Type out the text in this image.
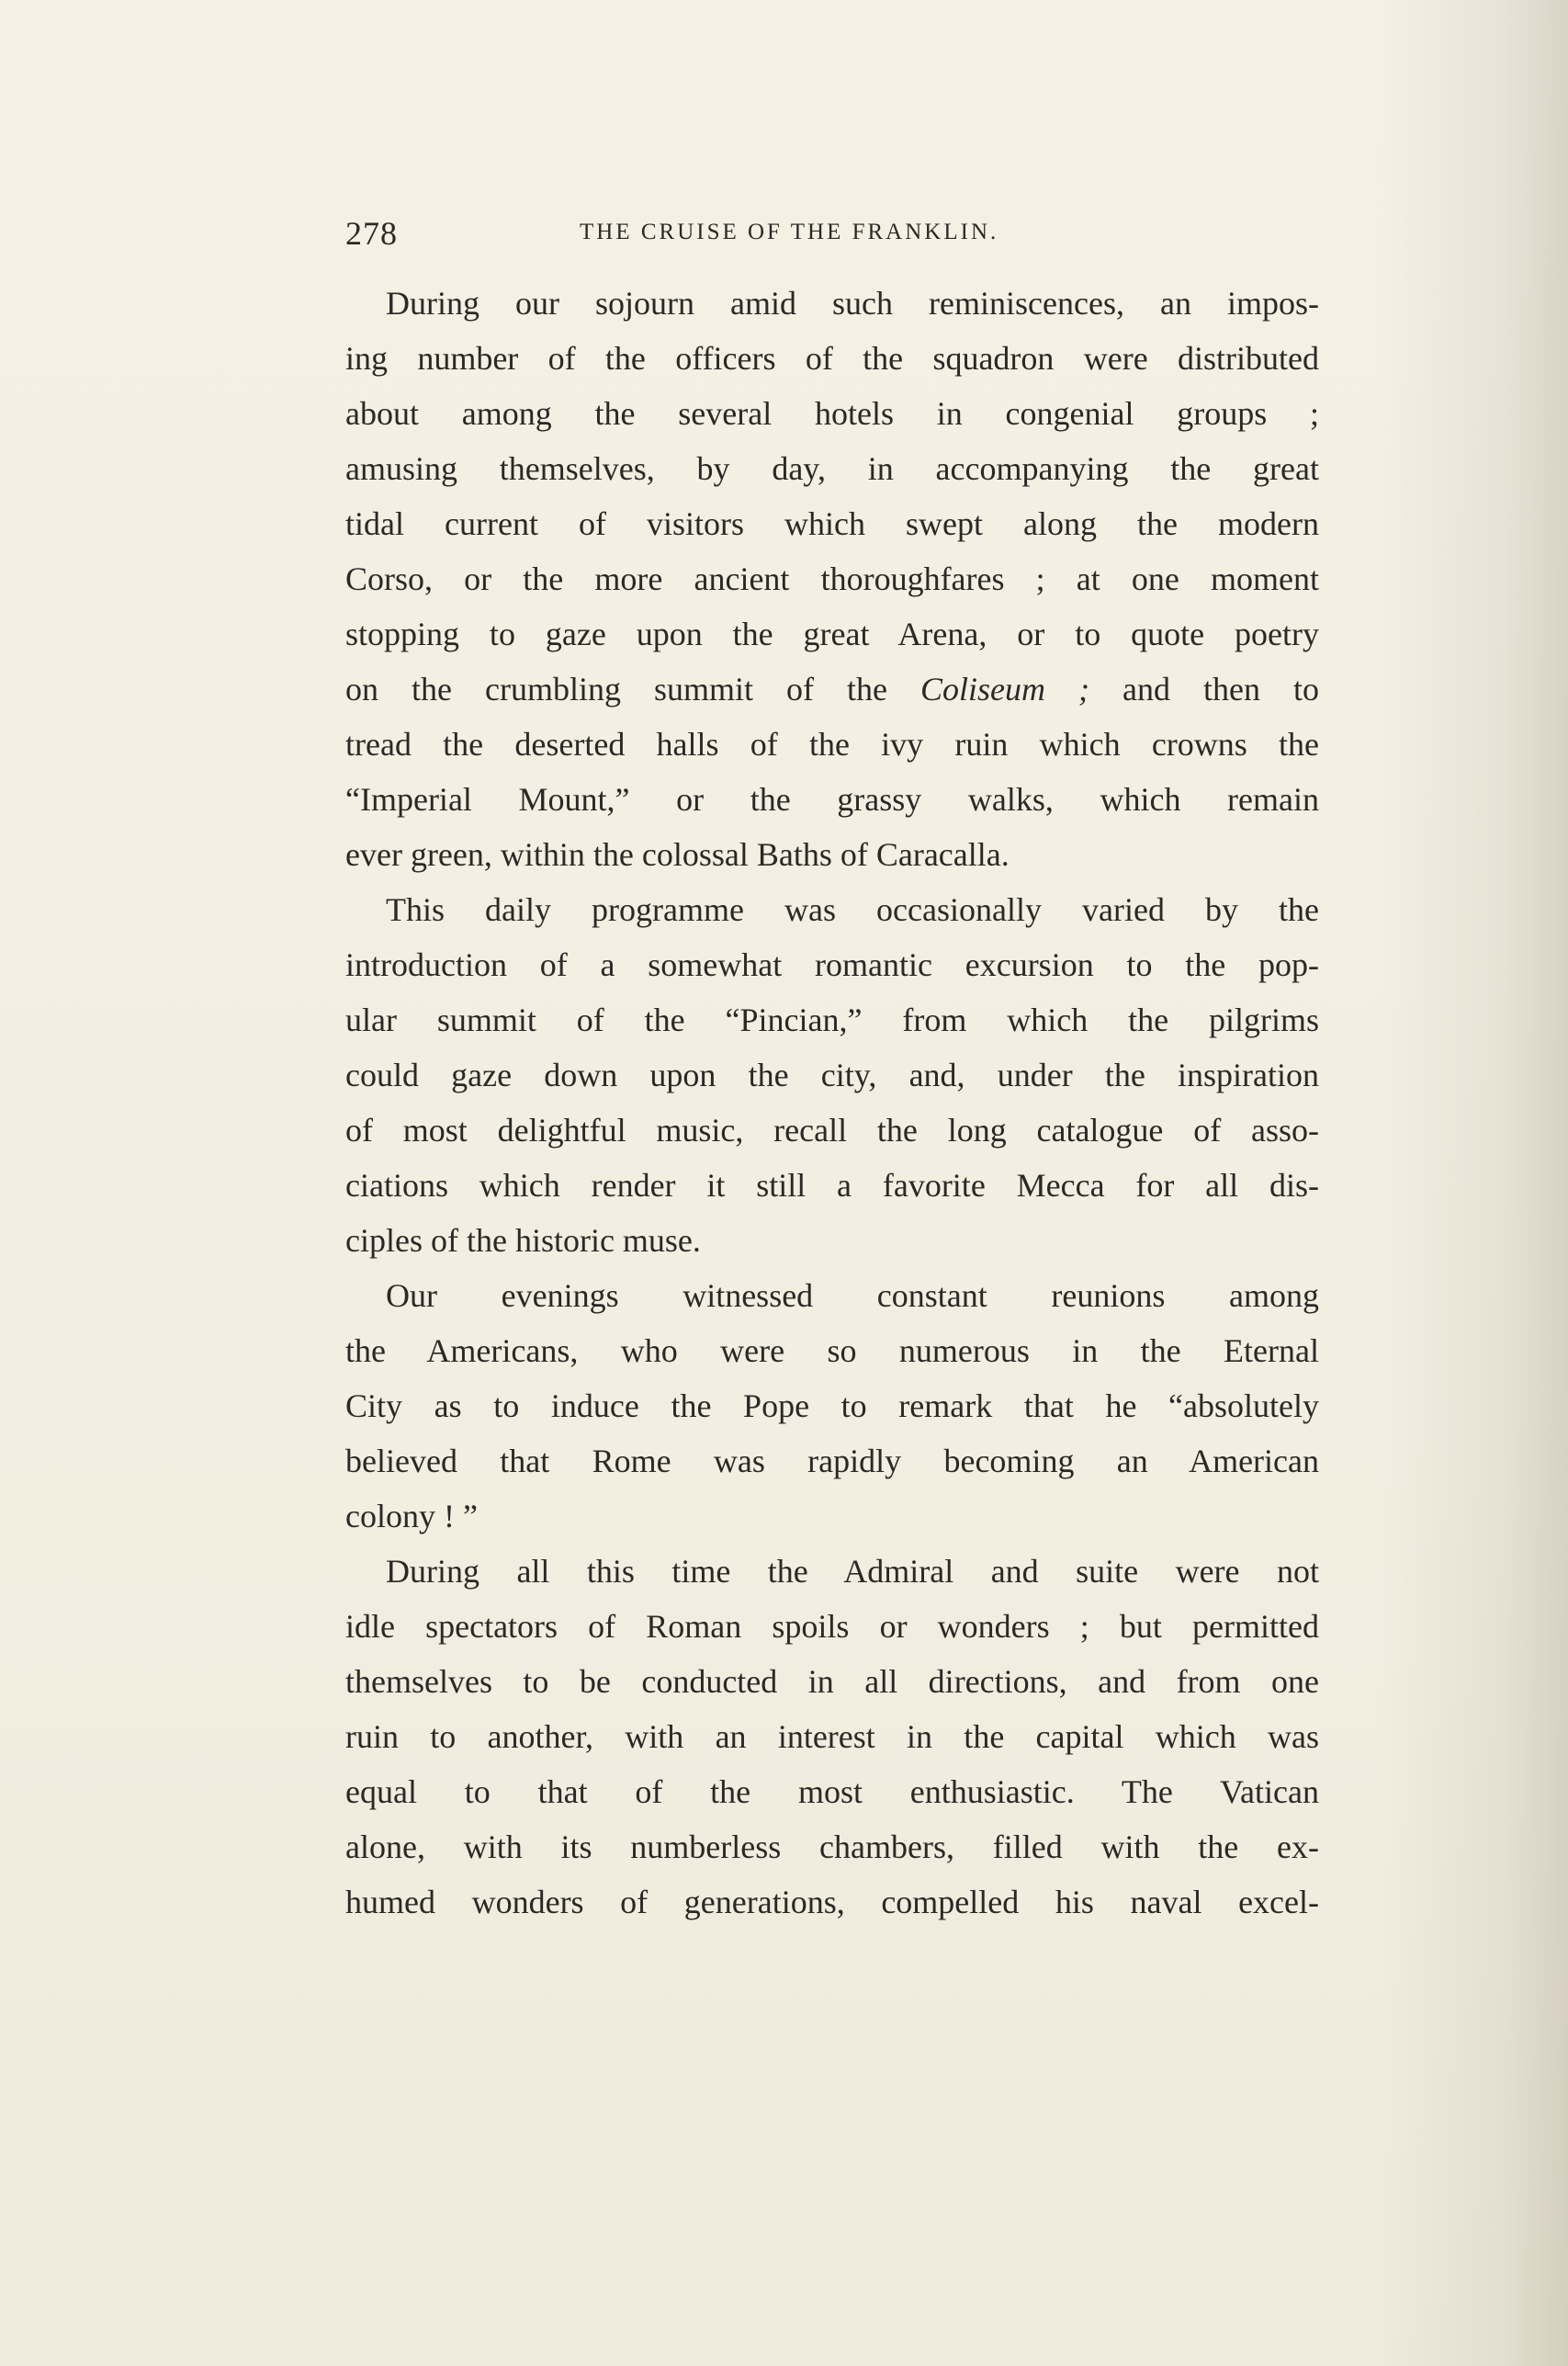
278	THE CRUISE OF THE FRANKLIN.
During our sojourn amid such reminiscences, an impos-
ing number of the officers of the squadron were distributed
about among the several hotels in congenial groups ;
amusing themselves, by day, in accompanying the great
tidal current of visitors which swept along the modern
Corso, or the more ancient thoroughfares ; at one moment
stopping to gaze upon the great Arena, or to quote poetry
on the crumbling summit of the Coliseum ; and then to
tread the deserted halls of the ivy ruin which crowns the
“Imperial Mount,” or the grassy walks, which remain
ever green, within the colossal Baths of Caracalla.
This daily programme was occasionally varied by the
introduction of a somewhat romantic excursion to the pop-
ular summit of the “Pincian,” from which the pilgrims
could gaze down upon the city, and, under the inspiration
of most delightful music, recall the long catalogue of asso-
ciations which render it still a favorite Mecca for all dis-
ciples of the historic muse.
Our evenings witnessed constant reunions among
the Americans, who were so numerous in the Eternal
City as to induce the Pope to remark that he “absolutely
believed that Rome was rapidly becoming an American
colony ! ”
During all this time the Admiral and suite were not
idle spectators of Roman spoils or wonders ; but permitted
themselves to be conducted in all directions, and from one
ruin to another, with an interest in the capital which was
equal to that of the most enthusiastic. The Vatican
alone, with its numberless chambers, filled with the ex-
humed wonders of generations, compelled his naval excel-
